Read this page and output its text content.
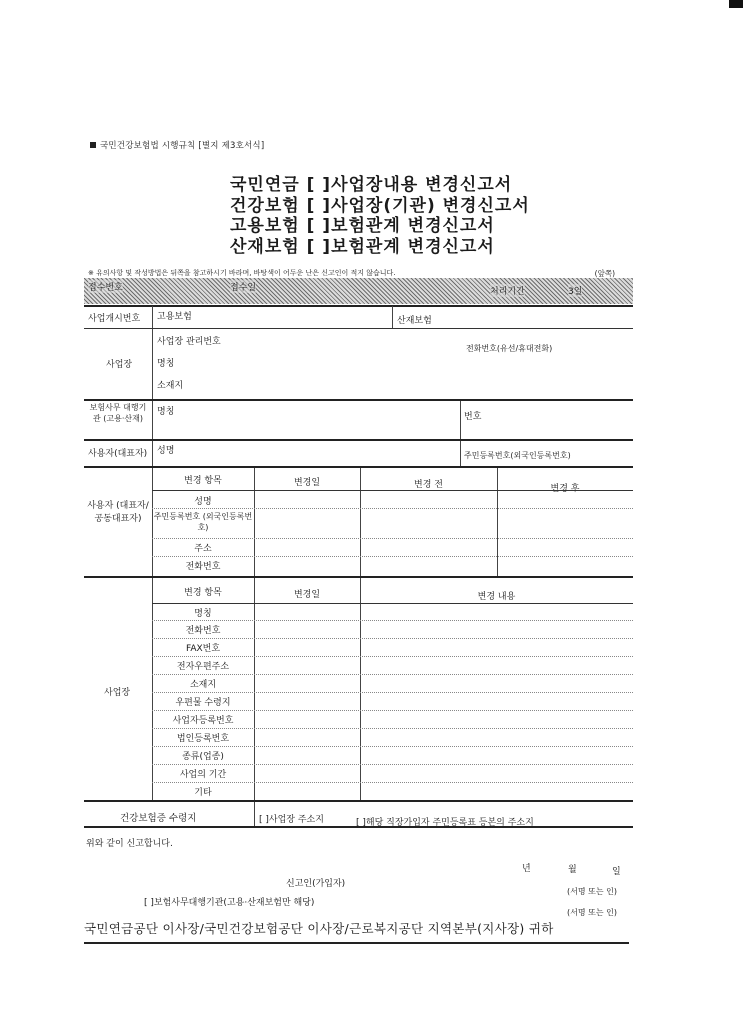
국민건강보험법 시행규칙 [별지 제3호서식]
국민연금 [ ]사업장내용 변경신고서
건강보험 [ ]사업장(기관) 변경신고서
고용보험 [ ]보험관계 변경신고서
산재보험 [ ]보험관계 변경신고서
※ 유의사항 및 작성방법은 뒤쪽을 참고하시기 바라며, 바탕색이 어두운 난은 신고인이 적지 않습니다.	(앞쪽)
접수번호	접수일	처리기간	3일
사업개시번호 고용보험	산재보험
사업장
사업장 관리번호
전화번호(유선/휴대전화)
명칭
소재지
보험사무 대행기관 (고용·산재)
명칭	번호
사용자(대표자) 성명	주민등록번호(외국인등록번호)
사용자 (대표자/ 공동대표자)
변경 항목	변경일	변경 전	변경 후
성명
주민등록번호 (외국인등록번호)
주소
전화번호
사업장
변경 항목	변경일	변경 내용
명칭
전화번호
FAX번호
전자우편주소
소재지
우편물 수령지
사업자등록번호
법인등록번호
종류(업종)
사업의 기간
기타
건강보험증 수령지	[ ]사업장 주소지	[ ]해당 직장가입자 주민등록표 등본의 주소지
위와 같이 신고합니다.
년	월	일
신고인(가입자)
(서명 또는 인)
[ ]보험사무대행기관(고용·산재보험만 해당)
(서명 또는 인)
국민연금공단 이사장/국민건강보험공단 이사장/근로복지공단 지역본부(지사장) 귀하
